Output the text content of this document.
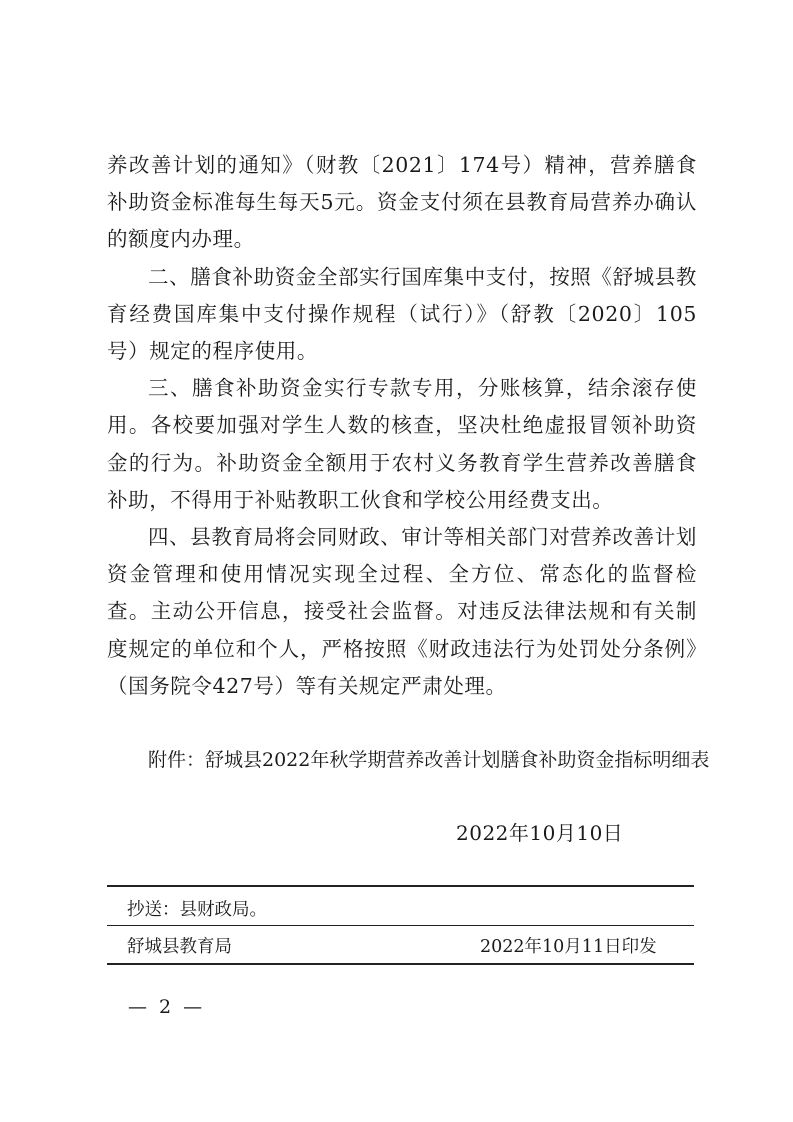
养改善计划的通知》（财教〔2021〕174号）精神，营养膳食补助资金标准每生每天5元。资金支付须在县教育局营养办确认的额度内办理。

二、膳食补助资金全部实行国库集中支付，按照《舒城县教育经费国库集中支付操作规程（试行）》（舒教〔2020〕105号）规定的程序使用。

三、膳食补助资金实行专款专用，分账核算，结余滚存使用。各校要加强对学生人数的核查，坚决杜绝虚报冒领补助资金的行为。补助资金全额用于农村义务教育学生营养改善膳食补助，不得用于补贴教职工伙食和学校公用经费支出。

四、县教育局将会同财政、审计等相关部门对营养改善计划资金管理和使用情况实现全过程、全方位、常态化的监督检查。主动公开信息，接受社会监督。对违反法律法规和有关制度规定的单位和个人，严格按照《财政违法行为处罚处分条例》（国务院令427号）等有关规定严肃处理。

附件：舒城县2022年秋学期营养改善计划膳食补助资金指标明细表
2022年10月10日
抄送：县财政局。
舒城县教育局	2022年10月11日印发
— 2 —
